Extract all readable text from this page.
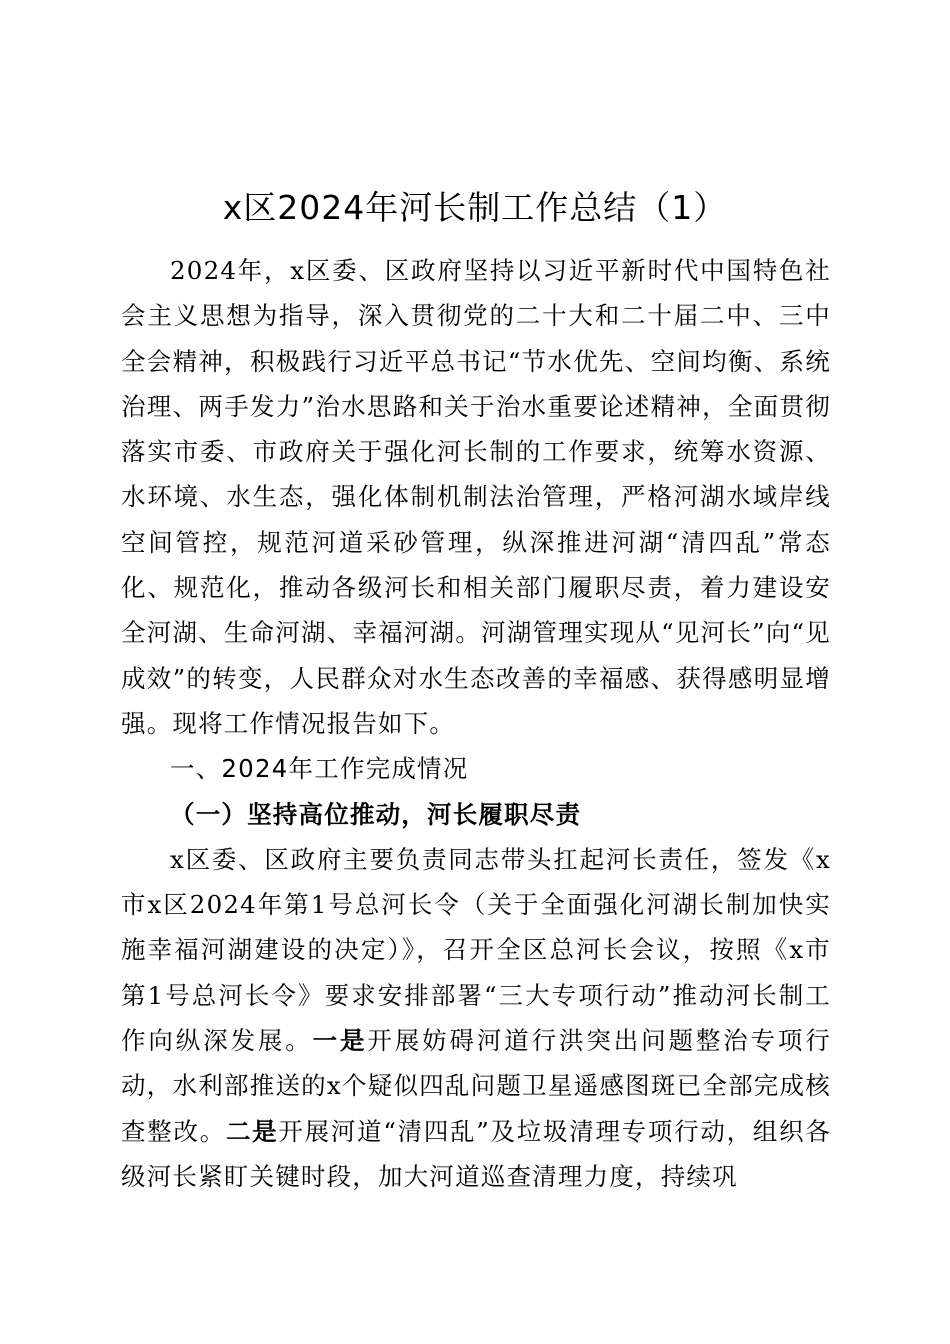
x区2024年河长制工作总结（1）

2024年，x区委、区政府坚持以习近平新时代中国特色社会主义思想为指导，深入贯彻党的二十大和二十届二中、三中全会精神，积极践行习近平总书记“节水优先、空间均衡、系统治理、两手发力”治水思路和关于治水重要论述精神，全面贯彻落实市委、市政府关于强化河长制的工作要求，统筹水资源、水环境、水生态，强化体制机制法治管理，严格河湖水域岸线空间管控，规范河道采砂管理，纵深推进河湖“清四乱”常态化、规范化，推动各级河长和相关部门履职尽责，着力建设安全河湖、生命河湖、幸福河湖。河湖管理实现从“见河长”向“见成效”的转变，人民群众对水生态改善的幸福感、获得感明显增强。现将工作情况报告如下。

一、2024年工作完成情况

（一）坚持高位推动，河长履职尽责

x区委、区政府主要负责同志带头扛起河长责任，签发《x市x区2024年第1号总河长令（关于全面强化河湖长制加快实施幸福河湖建设的决定）》，召开全区总河长会议，按照《x市第1号总河长令》要求安排部署“三大专项行动”推动河长制工作向纵深发展。一是开展妨碍河道行洪突出问题整治专项行动，水利部推送的x个疑似四乱问题卫星遥感图斑已全部完成核查整改。二是开展河道“清四乱”及垃圾清理专项行动，组织各级河长紧盯关键时段，加大河道巡查清理力度，持续巩
